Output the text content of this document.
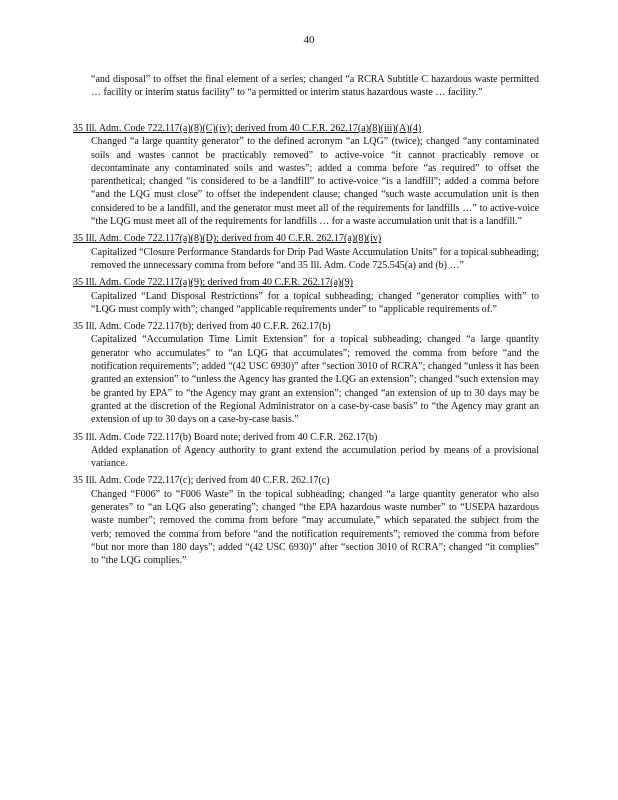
40
“and disposal” to offset the final element of a series; changed “a RCRA Subtitle C hazardous waste permitted … facility or interim status facility” to “a permitted or interim status hazardous waste … facility.”
35 Ill. Adm. Code 722.117(a)(8)(C)(iv); derived from 40 C.F.R. 262.17(a)(8)(iii)(A)(4)
Changed “a large quantity generator” to the defined acronym “an LQG” (twice); changed “any contaminated soils and wastes cannot be practicably removed” to active-voice “it cannot practicably remove or decontaminate any contaminated soils and wastes”; added a comma before “as required” to offset the parenthetical; changed “is considered to be a landfill” to active-voice “is a landfill”; added a comma before “and the LQG must close” to offset the independent clause; changed “such waste accumulation unit is then considered to be a landfill, and the generator must meet all of the requirements for landfills …” to active-voice “the LQG must meet all of the requirements for landfills … for a waste accumulation unit that is a landfill.”
35 Ill. Adm. Code 722.117(a)(8)(D); derived from 40 C.F.R. 262.17(a)(8)(iv)
Capitalized “Closure Performance Standards for Drip Pad Waste Accumulation Units” for a topical subheading; removed the unnecessary comma from before “and 35 Ill. Adm. Code 725.545(a) and (b) …”
35 Ill. Adm. Code 722.117(a)(9); derived from 40 C.F.R. 262.17(a)(9)
Capitalized “Land Disposal Restrictions” for a topical subheading; changed “generator complies with” to “LQG must comply with”; changed “applicable requirements under” to “applicable requirements of.”
35 Ill. Adm. Code 722.117(b); derived from 40 C.F.R. 262.17(b)
Capitalized “Accumulation Time Limit Extension” for a topical subheading; changed “a large quantity generator who accumulates” to “an LQG that accumulates”; removed the comma from before “and the notification requirements”; added “(42 USC 6930)” after “section 3010 of RCRA”; changed “unless it has been granted an extension” to “unless the Agency has granted the LQG an extension”; changed “such extension may be granted by EPA” to “the Agency may grant an extension”; changed “an extension of up to 30 days may be granted at the discretion of the Regional Administrator on a case-by-case basis” to “the Agency may grant an extension of up to 30 days on a case-by-case basis.”
35 Ill. Adm. Code 722.117(b) Board note; derived from 40 C.F.R. 262.17(b)
Added explanation of Agency authority to grant extend the accumulation period by means of a provisional variance.
35 Ill. Adm. Code 722.117(c); derived from 40 C.F.R. 262.17(c)
Changed “F006” to “F006 Waste” in the topical subheading; changed “a large quantity generator who also generates” to “an LQG also generating”; changed “the EPA hazardous waste number” to “USEPA hazardous waste number”; removed the comma from before “may accumulate,” which separated the subject from the verb; removed the comma from before “and the notification requirements”; removed the comma from before “but nor more than 180 days”; added “(42 USC 6930)” after “section 3010 of RCRA”; changed “it complies” to “the LQG complies.”
